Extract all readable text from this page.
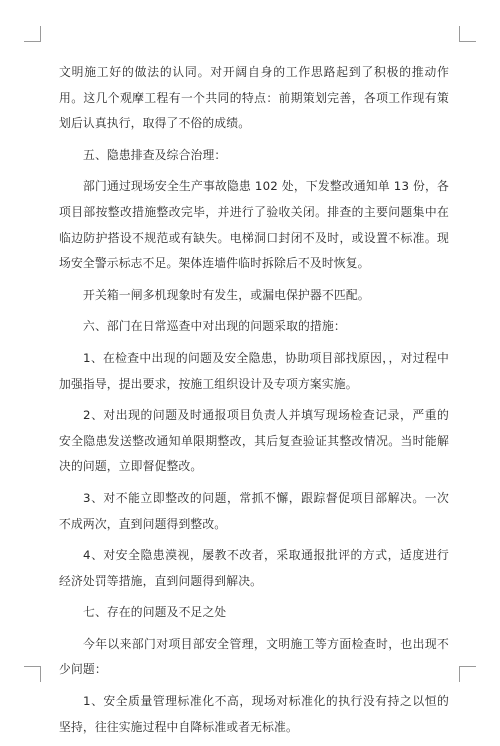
文明施工好的做法的认同。对开阔自身的工作思路起到了积极的推动作用。这几个观摩工程有一个共同的特点：前期策划完善，各项工作现有策划后认真执行，取得了不俗的成绩。

五、隐患排查及综合治理：

部门通过现场安全生产事故隐患 102 处，下发整改通知单 13 份，各项目部按整改措施整改完毕，并进行了验收关闭。排查的主要问题集中在临边防护搭设不规范或有缺失。电梯洞口封闭不及时，或设置不标准。现场安全警示标志不足。架体连墙件临时拆除后不及时恢复。

开关箱一闸多机现象时有发生，或漏电保护器不匹配。

六、部门在日常巡查中对出现的问题采取的措施：

1、在检查中出现的问题及安全隐患，协助项目部找原因，，对过程中加强指导，提出要求，按施工组织设计及专项方案实施。

2、对出现的问题及时通报项目负责人并填写现场检查记录，严重的安全隐患发送整改通知单限期整改，其后复查验证其整改情况。当时能解决的问题，立即督促整改。

3、对不能立即整改的问题，常抓不懈，跟踪督促项目部解决。一次不成两次，直到问题得到整改。

4、对安全隐患漠视，屡教不改者，采取通报批评的方式，适度进行经济处罚等措施，直到问题得到解决。

七、存在的问题及不足之处

今年以来部门对项目部安全管理，文明施工等方面检查时，也出现不少问题：

1、安全质量管理标准化不高，现场对标准化的执行没有持之以恒的坚持，往往实施过程中自降标准或者无标准。
